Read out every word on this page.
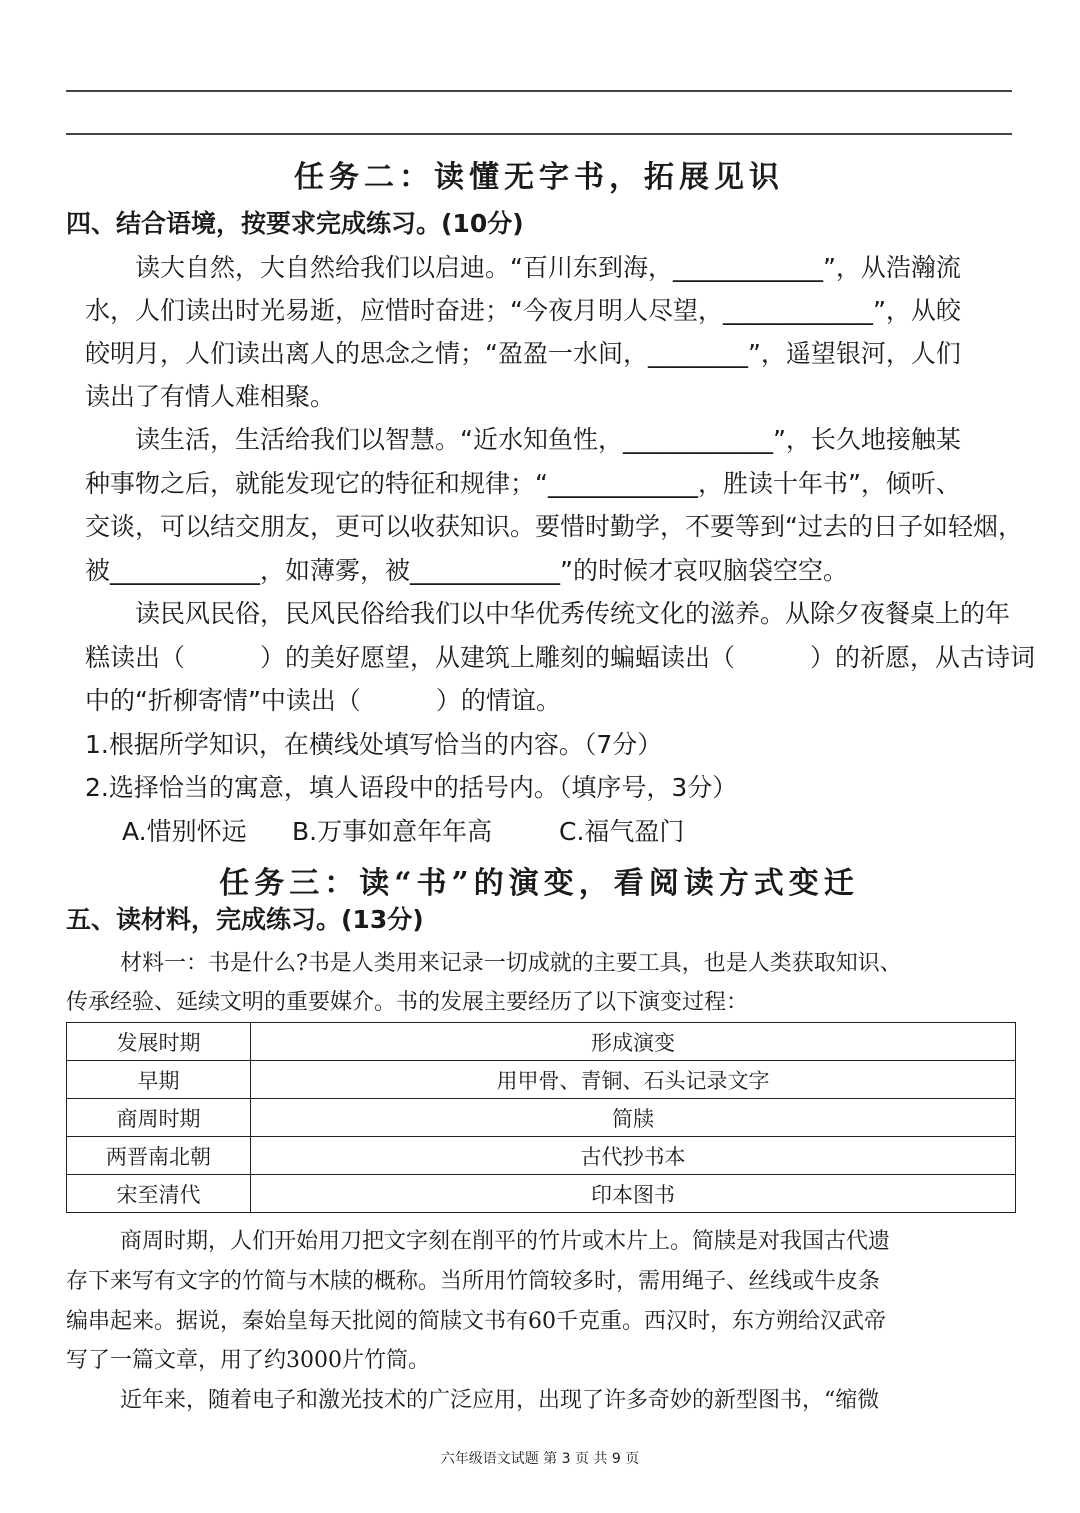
任务二：读懂无字书，拓展见识
四、结合语境，按要求完成练习。(10分)
读大自然，大自然给我们以启迪。“百川东到海，____________”，从浩瀚流
水，人们读出时光易逝，应惜时奋进；“今夜月明人尽望，____________”，从皎
皎明月，人们读出离人的思念之情；“盈盈一水间，________”，遥望银河，人们
读出了有情人难相聚。
读生活，生活给我们以智慧。“近水知鱼性，____________”，长久地接触某
种事物之后，就能发现它的特征和规律；“____________，胜读十年书”，倾听、
交谈，可以结交朋友，更可以收获知识。要惜时勤学，不要等到“过去的日子如轻烟，
被____________，如薄雾，被____________”的时候才哀叹脑袋空空。
读民风民俗，民风民俗给我们以中华优秀传统文化的滋养。从除夕夜餐桌上的年
糕读出（　　　）的美好愿望，从建筑上雕刻的蝙蝠读出（　　　）的祈愿，从古诗词
中的“折柳寄情”中读出（　　　）的情谊。
1.根据所学知识，在横线处填写恰当的内容。（7分）
2.选择恰当的寓意，填人语段中的括号内。（填序号，3分）
A.惜别怀远 B.万事如意年年高	C.福气盈门
任务三：读“书”的演变，看阅读方式变迁
五、读材料，完成练习。(13分)
材料一：书是什么?书是人类用来记录一切成就的主要工具，也是人类获取知识、
传承经验、延续文明的重要媒介。书的发展主要经历了以下演变过程：
发展时期	形成演变
早期	用甲骨、青铜、石头记录文字
商周时期	简牍
两晋南北朝	古代抄书本
宋至清代	印本图书
商周时期，人们开始用刀把文字刻在削平的竹片或木片上。简牍是对我国古代遗
存下来写有文字的竹简与木牍的概称。当所用竹筒较多时，需用绳子、丝线或牛皮条
编串起来。据说，秦始皇每天批阅的简牍文书有60千克重。西汉时，东方朔给汉武帝
写了一篇文章，用了约3000片竹筒。
近年来，随着电子和激光技术的广泛应用，出现了许多奇妙的新型图书，“缩微
六年级语文试题 第 3 页 共 9 页
